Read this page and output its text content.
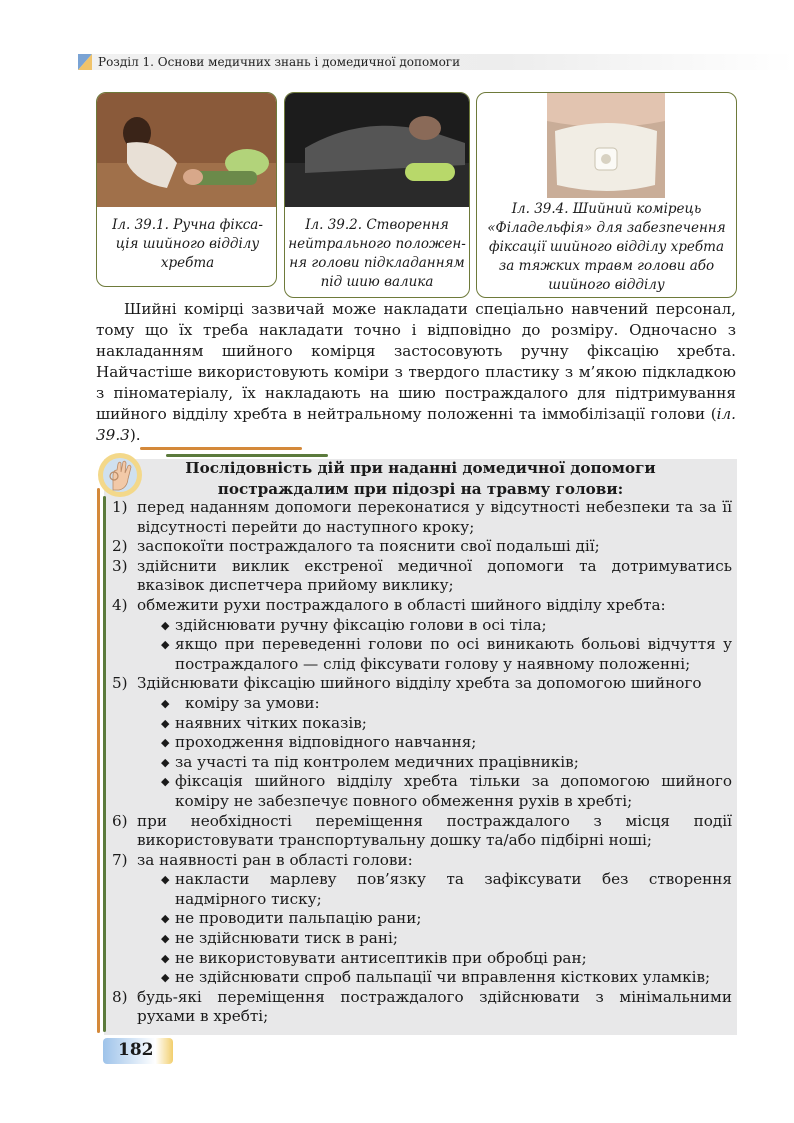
Розділ 1. Основи медичних знань і домедичної допомоги
Іл. 39.1. Ручна фікса-
ція шийного відділу
хребта
Іл. 39.2. Створення
нейтрального положен-
ня голови підкладанням
під шию валика
Іл. 39.4. Шийний комірець
«Філадельфія» для забезпечення
фіксації шийного відділу хребта
за тяжких травм голови або
шийного відділу

Шийні комірці зазвичай може накладати спеціально навчений персонал, тому що їх треба накладати точно і відповідно до розміру. Одночасно з накладанням шийного комірця застосовують ручну фіксацію хребта. Найчастіше використовують коміри з твердого пластику з м’якою підкладкою з піноматеріалу, їх накладають на шию постраждалого для підтримування шийного відділу хребта в нейтральному положенні та іммобілізації голови (іл. 39.3).

Послідовність дій при наданні домедичної допомоги
постраждалим при підозрі на травму голови:
1) перед наданням допомоги переконатися у відсутності небезпеки та за її відсутності перейти до наступного кроку;
2) заспокоїти постраждалого та пояснити свої подальші дії;
3) здійснити виклик екстреної медичної допомоги та дотримуватись вказівок диспетчера прийому виклику;
4) обмежити рухи постраждалого в області шийного відділу хребта:
◆ здійснювати ручну фіксацію голови в осі тіла;
◆ якщо при переведенні голови по осі виникають больові відчуття у постраждалого — слід фіксувати голову у наявному положенні;
5) Здійснювати фіксацію шийного відділу хребта за допомогою шийного
◆ коміру за умови:
◆ наявних чітких показів;
◆ проходження відповідного навчання;
◆ за участі та під контролем медичних працівників;
◆ фіксація шийного відділу хребта тільки за допомогою шийного коміру не забезпечує повного обмеження рухів в хребті;
6) при необхідності переміщення постраждалого з місця події використовувати транспортувальну дошку та/або підбірні ноші;
7) за наявності ран в області голови:
◆ накласти марлеву пов’язку та зафіксувати без створення надмірного тиску;
◆ не проводити пальпацію рани;
◆ не здійснювати тиск в рані;
◆ не використовувати антисептиків при обробці ран;
◆ не здійснювати спроб пальпації чи вправлення кісткових уламків;
8) будь-які переміщення постраждалого здійснювати з мінімальними рухами в хребті;
182
